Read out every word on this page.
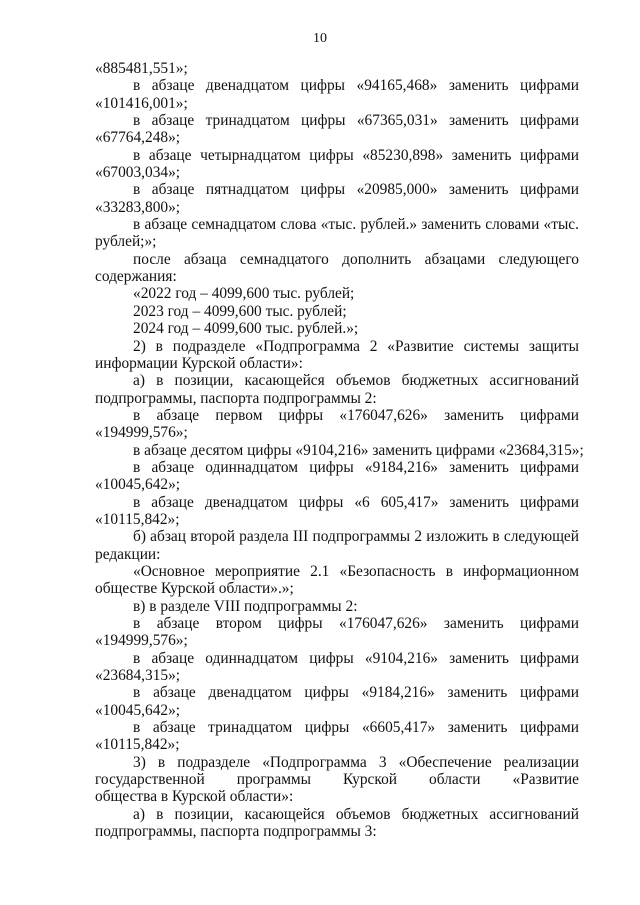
10
«885481,551»;
в абзаце двенадцатом цифры «94165,468» заменить цифрами
«101416,001»;
в абзаце тринадцатом цифры «67365,031» заменить цифрами
«67764,248»;
в абзаце четырнадцатом цифры «85230,898» заменить цифрами
«67003,034»;
в абзаце пятнадцатом цифры «20985,000» заменить цифрами
«33283,800»;
в абзаце семнадцатом слова «тыс. рублей.» заменить словами «тыс.
рублей;»;
после абзаца семнадцатого дополнить абзацами следующего
содержания:
«2022 год – 4099,600 тыс. рублей;
2023 год – 4099,600 тыс. рублей;
2024 год – 4099,600 тыс. рублей.»;
2) в подразделе «Подпрограмма 2 «Развитие системы защиты
информации Курской области»:
а) в позиции, касающейся объемов бюджетных ассигнований
подпрограммы, паспорта подпрограммы 2:
в абзаце первом цифры «176047,626» заменить цифрами
«194999,576»;
в абзаце десятом цифры «9104,216» заменить цифрами «23684,315»;
в абзаце одиннадцатом цифры «9184,216» заменить цифрами
«10045,642»;
в абзаце двенадцатом цифры «6 605,417» заменить цифрами
«10115,842»;
б) абзац второй раздела III подпрограммы 2 изложить в следующей
редакции:
«Основное мероприятие 2.1 «Безопасность в информационном
обществе Курской области».»;
в) в разделе VIII подпрограммы 2:
в абзаце втором цифры «176047,626» заменить цифрами
«194999,576»;
в абзаце одиннадцатом цифры «9104,216» заменить цифрами
«23684,315»;
в абзаце двенадцатом цифры «9184,216» заменить цифрами
«10045,642»;
в абзаце тринадцатом цифры «6605,417» заменить цифрами
«10115,842»;
3) в подразделе «Подпрограмма 3 «Обеспечение реализации
государственной программы Курской области «Развитие
общества в Курской области»:
а) в позиции, касающейся объемов бюджетных ассигнований
подпрограммы, паспорта подпрограммы 3:
